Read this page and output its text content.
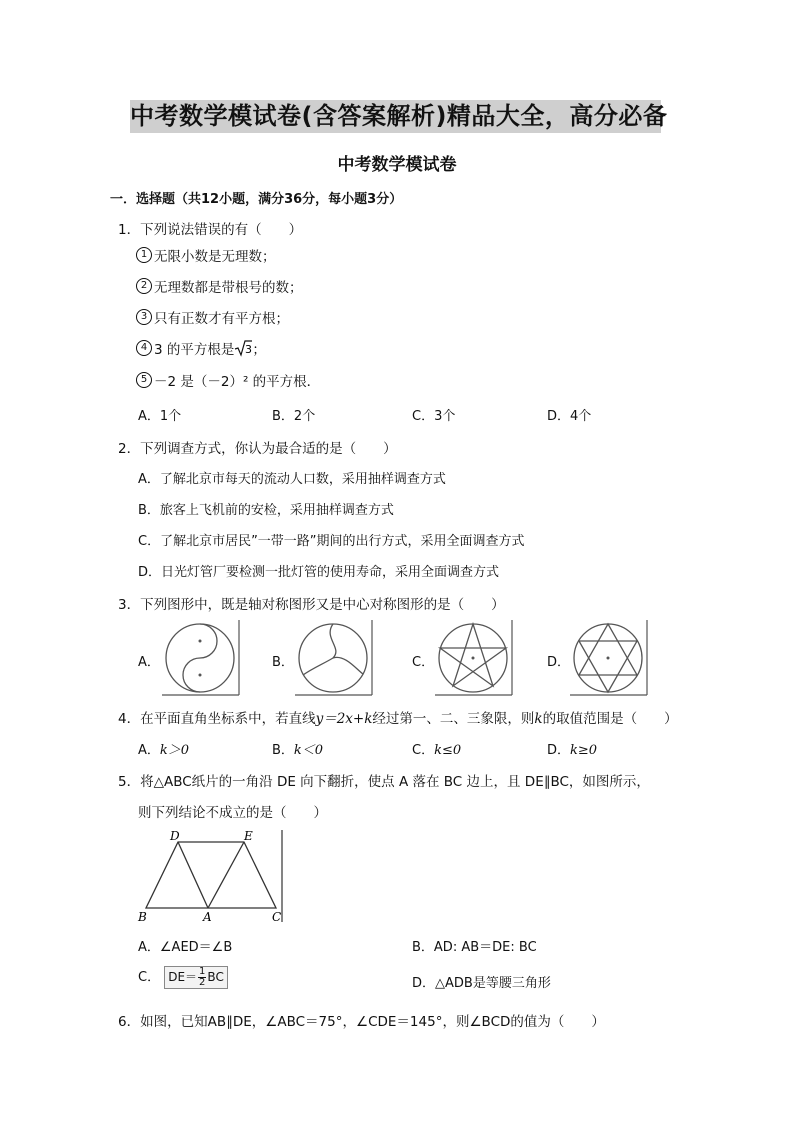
中考数学模试卷(含答案解析)精品大全，高分必备
中考数学模试卷
一．选择题（共12小题，满分36分，每小题3分）
1．下列说法错误的有（　　）
1 无限小数是无理数；
2 无理数都是带根号的数；
3 只有正数才有平方根；
4 3 的平方根是 3 ；
5 －2 是（－2）² 的平方根．
A．1个	B．2个	C．3个	D．4个
2．下列调查方式，你认为最合适的是（　　）
A．了解北京市每天的流动人口数，采用抽样调查方式
B．旅客上飞机前的安检，采用抽样调查方式
C．了解北京市居民”一带一路”期间的出行方式，采用全面调查方式
D．日光灯管厂要检测一批灯管的使用寿命，采用全面调查方式
3．下列图形中，既是轴对称图形又是中心对称图形的是（　　）
A．	B．	C．	D．
4．在平面直角坐标系中，若直线y＝2x+k经过第一、二、三象限，则k的取值范围是（　　）
A．k＞0	B．k＜0	C．k≤0	D．k≥0
5．将△ABC纸片的一角沿 DE 向下翻折，使点 A 落在 BC 边上，且 DE∥BC，如图所示，
则下列结论不成立的是（　　）
D	E
B	A	C
A．∠AED＝∠B	B．AD: AB＝DE: BC
C． $DE= \frac{1}{2}$ BC	D．△ADB是等腰三角形
6．如图，已知AB∥DE，∠ABC＝75°，∠CDE＝145°，则∠BCD的值为（　　）
